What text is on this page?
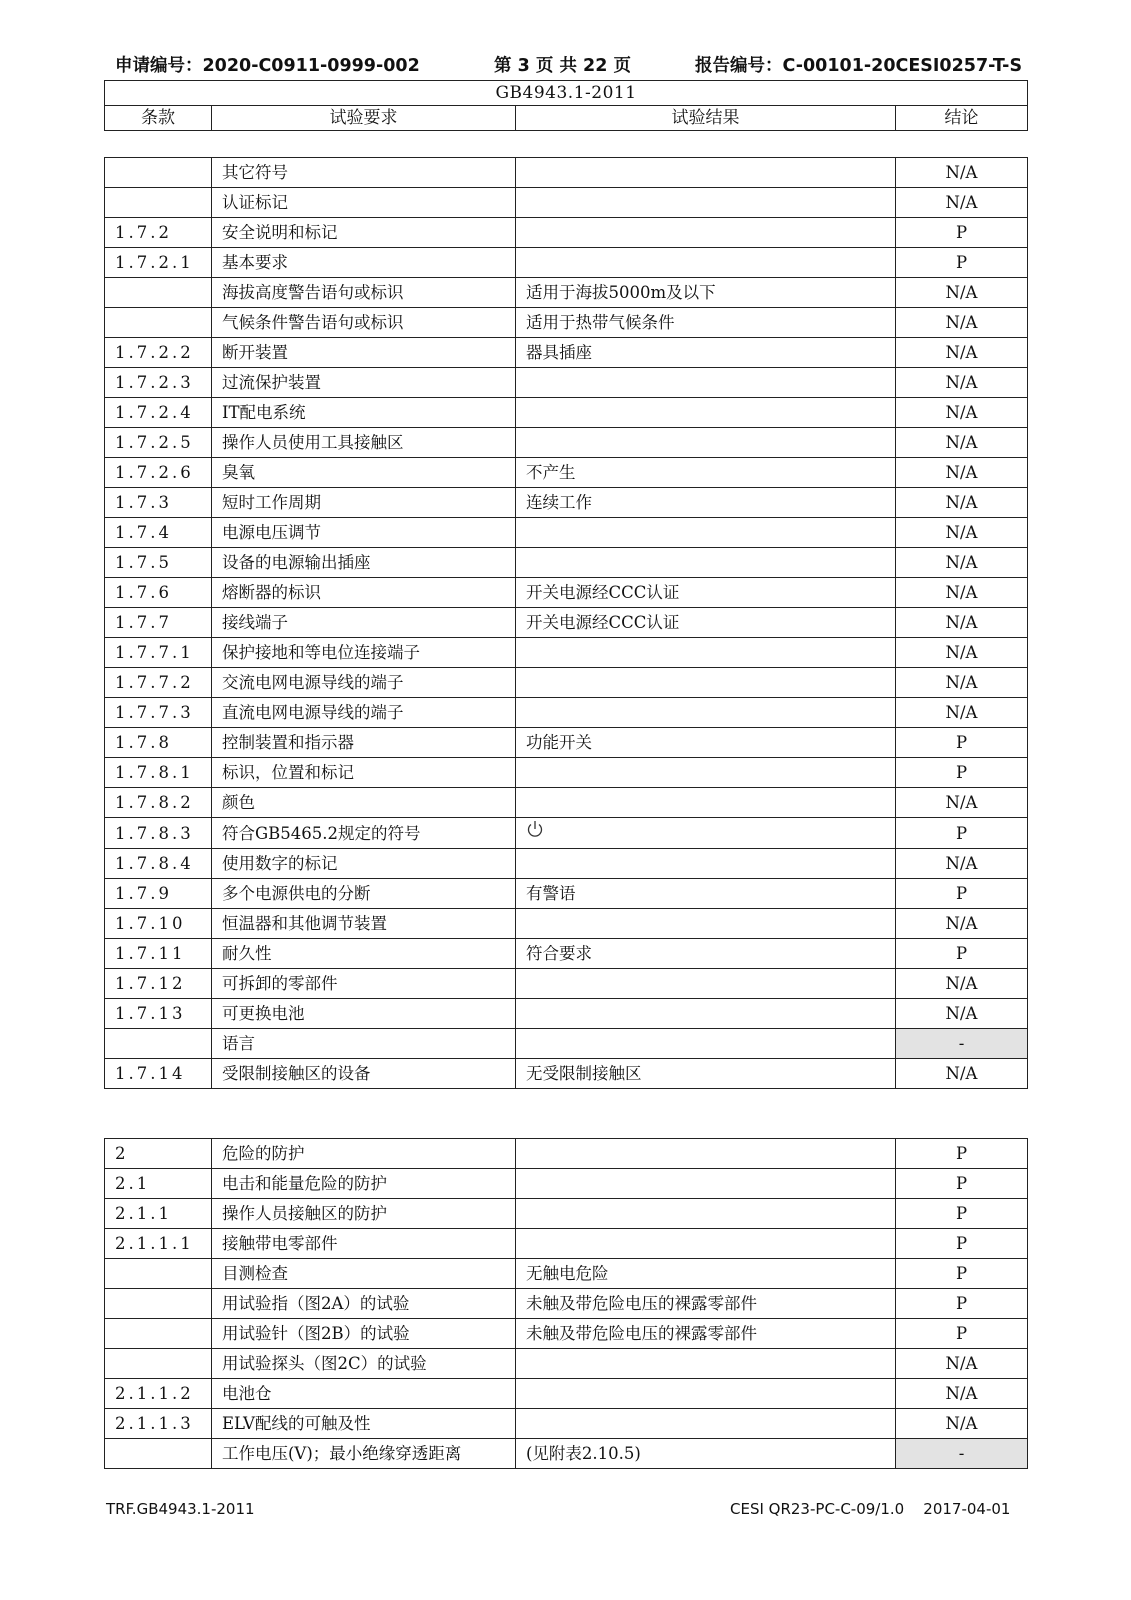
申请编号：2020-C0911-0999-002	第 3 页 共 22 页	报告编号：C-00101-20CESI0257-T-S
GB4943.1-2011
条款	试验要求	试验结果	结论
	其它符号		N/A
	认证标记		N/A
1.7.2	安全说明和标记		P
1.7.2.1	基本要求		P
	海拔高度警告语句或标识	适用于海拔5000m及以下	N/A
	气候条件警告语句或标识	适用于热带气候条件	N/A
1.7.2.2	断开装置	器具插座	N/A
1.7.2.3	过流保护装置		N/A
1.7.2.4	IT配电系统		N/A
1.7.2.5	操作人员使用工具接触区		N/A
1.7.2.6	臭氧	不产生	N/A
1.7.3	短时工作周期	连续工作	N/A
1.7.4	电源电压调节		N/A
1.7.5	设备的电源输出插座		N/A
1.7.6	熔断器的标识	开关电源经CCC认证	N/A
1.7.7	接线端子	开关电源经CCC认证	N/A
1.7.7.1	保护接地和等电位连接端子		N/A
1.7.7.2	交流电网电源导线的端子		N/A
1.7.7.3	直流电网电源导线的端子		N/A
1.7.8	控制装置和指示器	功能开关	P
1.7.8.1	标识，位置和标记		P
1.7.8.2	颜色		N/A
1.7.8.3	符合GB5465.2规定的符号		P
1.7.8.4	使用数字的标记		N/A
1.7.9	多个电源供电的分断	有警语	P
1.7.10	恒温器和其他调节装置		N/A
1.7.11	耐久性	符合要求	P
1.7.12	可拆卸的零部件		N/A
1.7.13	可更换电池		N/A
	语言		-
1.7.14	受限制接触区的设备	无受限制接触区	N/A
2	危险的防护		P
2.1	电击和能量危险的防护		P
2.1.1	操作人员接触区的防护		P
2.1.1.1	接触带电零部件		P
	目测检查	无触电危险	P
	用试验指（图2A）的试验	未触及带危险电压的裸露零部件	P
	用试验针（图2B）的试验	未触及带危险电压的裸露零部件	P
	用试验探头（图2C）的试验		N/A
2.1.1.2	电池仓		N/A
2.1.1.3	ELV配线的可触及性		N/A
	工作电压(V)；最小绝缘穿透距离	(见附表2.10.5)	-
TRF.GB4943.1-2011	CESI QR23-PC-C-09/1.0    2017-04-01
